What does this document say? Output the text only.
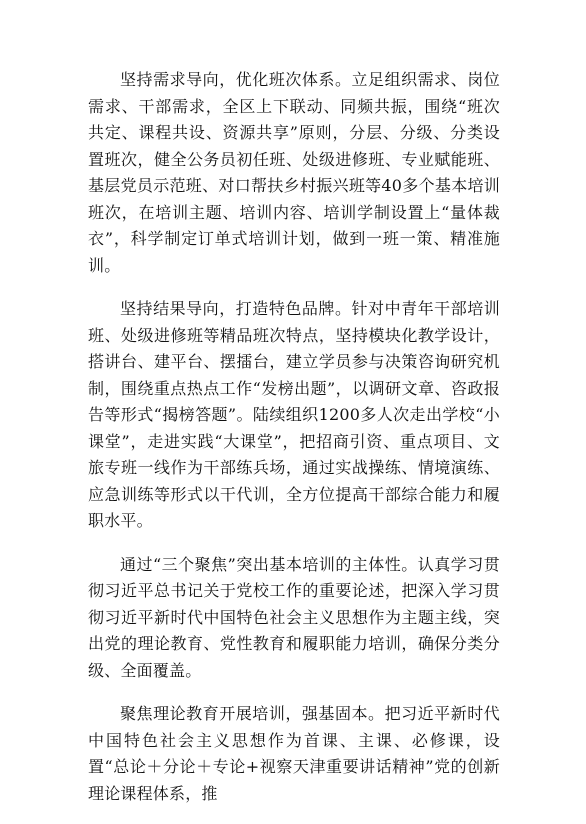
坚持需求导向，优化班次体系。立足组织需求、岗位需求、干部需求，全区上下联动、同频共振，围绕“班次共定、课程共设、资源共享”原则，分层、分级、分类设置班次，健全公务员初任班、处级进修班、专业赋能班、基层党员示范班、对口帮扶乡村振兴班等40多个基本培训班次，在培训主题、培训内容、培训学制设置上“量体裁衣”，科学制定订单式培训计划，做到一班一策、精准施训。

坚持结果导向，打造特色品牌。针对中青年干部培训班、处级进修班等精品班次特点，坚持模块化教学设计，搭讲台、建平台、摆擂台，建立学员参与决策咨询研究机制，围绕重点热点工作“发榜出题”，以调研文章、咨政报告等形式“揭榜答题”。陆续组织1200多人次走出学校“小课堂”，走进实践“大课堂”，把招商引资、重点项目、文旅专班一线作为干部练兵场，通过实战操练、情境演练、应急训练等形式以干代训，全方位提高干部综合能力和履职水平。

通过“三个聚焦”突出基本培训的主体性。认真学习贯彻习近平总书记关于党校工作的重要论述，把深入学习贯彻习近平新时代中国特色社会主义思想作为主题主线，突出党的理论教育、党性教育和履职能力培训，确保分类分级、全面覆盖。

聚焦理论教育开展培训，强基固本。把习近平新时代中国特色社会主义思想作为首课、主课、必修课，设置“总论＋分论＋专论+视察天津重要讲话精神”党的创新理论课程体系，推
